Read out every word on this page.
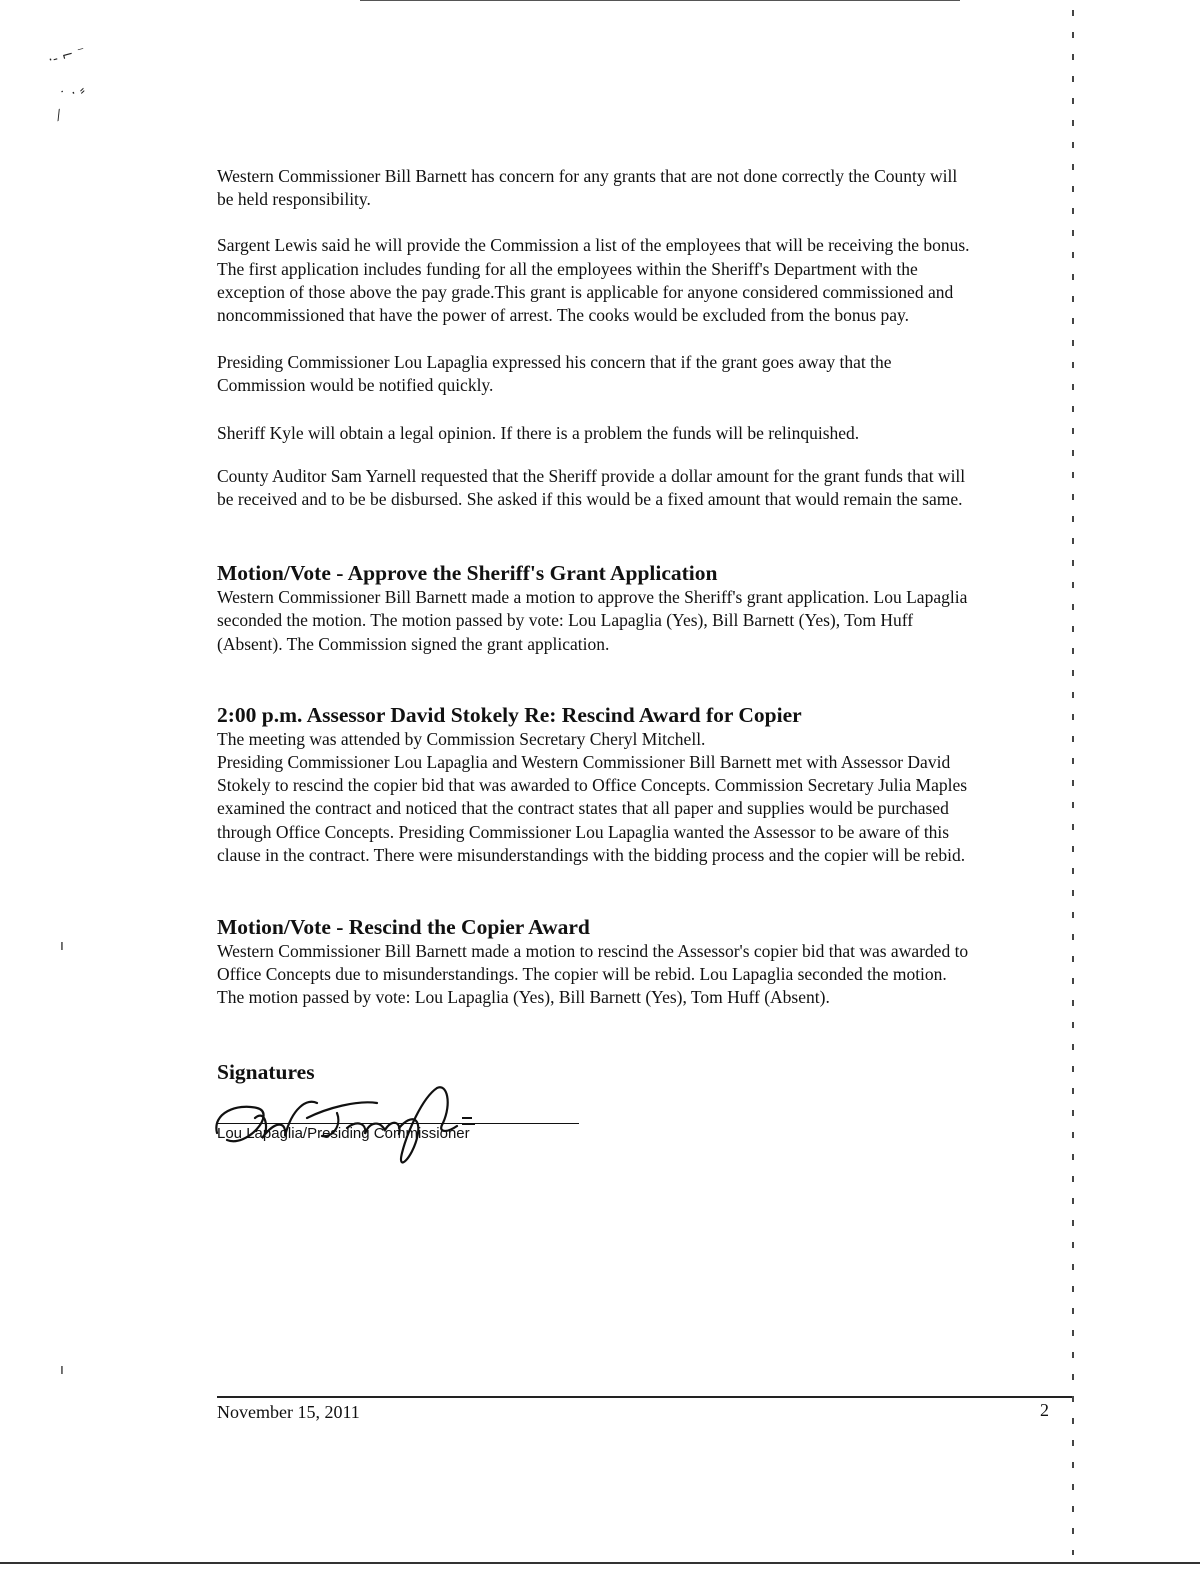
·‐ ⌐ ⁻
˙ · ⸗
⁄
ı
ı

Western Commissioner Bill Barnett has concern for any grants that are not done correctly the County will
be held responsibility.

Sargent Lewis said he will provide the Commission a list of the employees that will be receiving the bonus.
The first application includes funding for all the employees within the Sheriff's Department with the
exception of those above the pay grade.This grant is applicable for anyone considered commissioned and
noncommissioned that have the power of arrest. The cooks would be excluded from the bonus pay.

Presiding Commissioner Lou Lapaglia expressed his concern that if the grant goes away that the
Commission would be notified quickly.

Sheriff Kyle will obtain a legal opinion. If there is a problem the funds will be relinquished.

County Auditor Sam Yarnell requested that the Sheriff provide a dollar amount for the grant funds that will
be received and to be be disbursed. She asked if this would be a fixed amount that would remain the same.

Motion/Vote - Approve the Sheriff's Grant Application

Western Commissioner Bill Barnett made a motion to approve the Sheriff's grant application. Lou Lapaglia
seconded the motion. The motion passed by vote: Lou Lapaglia (Yes), Bill Barnett (Yes), Tom Huff
(Absent). The Commission signed the grant application.

2:00 p.m. Assessor David Stokely Re: Rescind Award for Copier

The meeting was attended by Commission Secretary Cheryl Mitchell.
Presiding Commissioner Lou Lapaglia and Western Commissioner Bill Barnett met with Assessor David
Stokely to rescind the copier bid that was awarded to Office Concepts. Commission Secretary Julia Maples
examined the contract and noticed that the contract states that all paper and supplies would be purchased
through Office Concepts. Presiding Commissioner Lou Lapaglia wanted the Assessor to be aware of this
clause in the contract. There were misunderstandings with the bidding process and the copier will be rebid.

Motion/Vote - Rescind the Copier Award

Western Commissioner Bill Barnett made a motion to rescind the Assessor's copier bid that was awarded to
Office Concepts due to misunderstandings. The copier will be rebid. Lou Lapaglia seconded the motion.
The motion passed by vote: Lou Lapaglia (Yes), Bill Barnett (Yes), Tom Huff (Absent).

Signatures
Lou Lapaglia/Presiding Commissioner
November 15, 2011	2
